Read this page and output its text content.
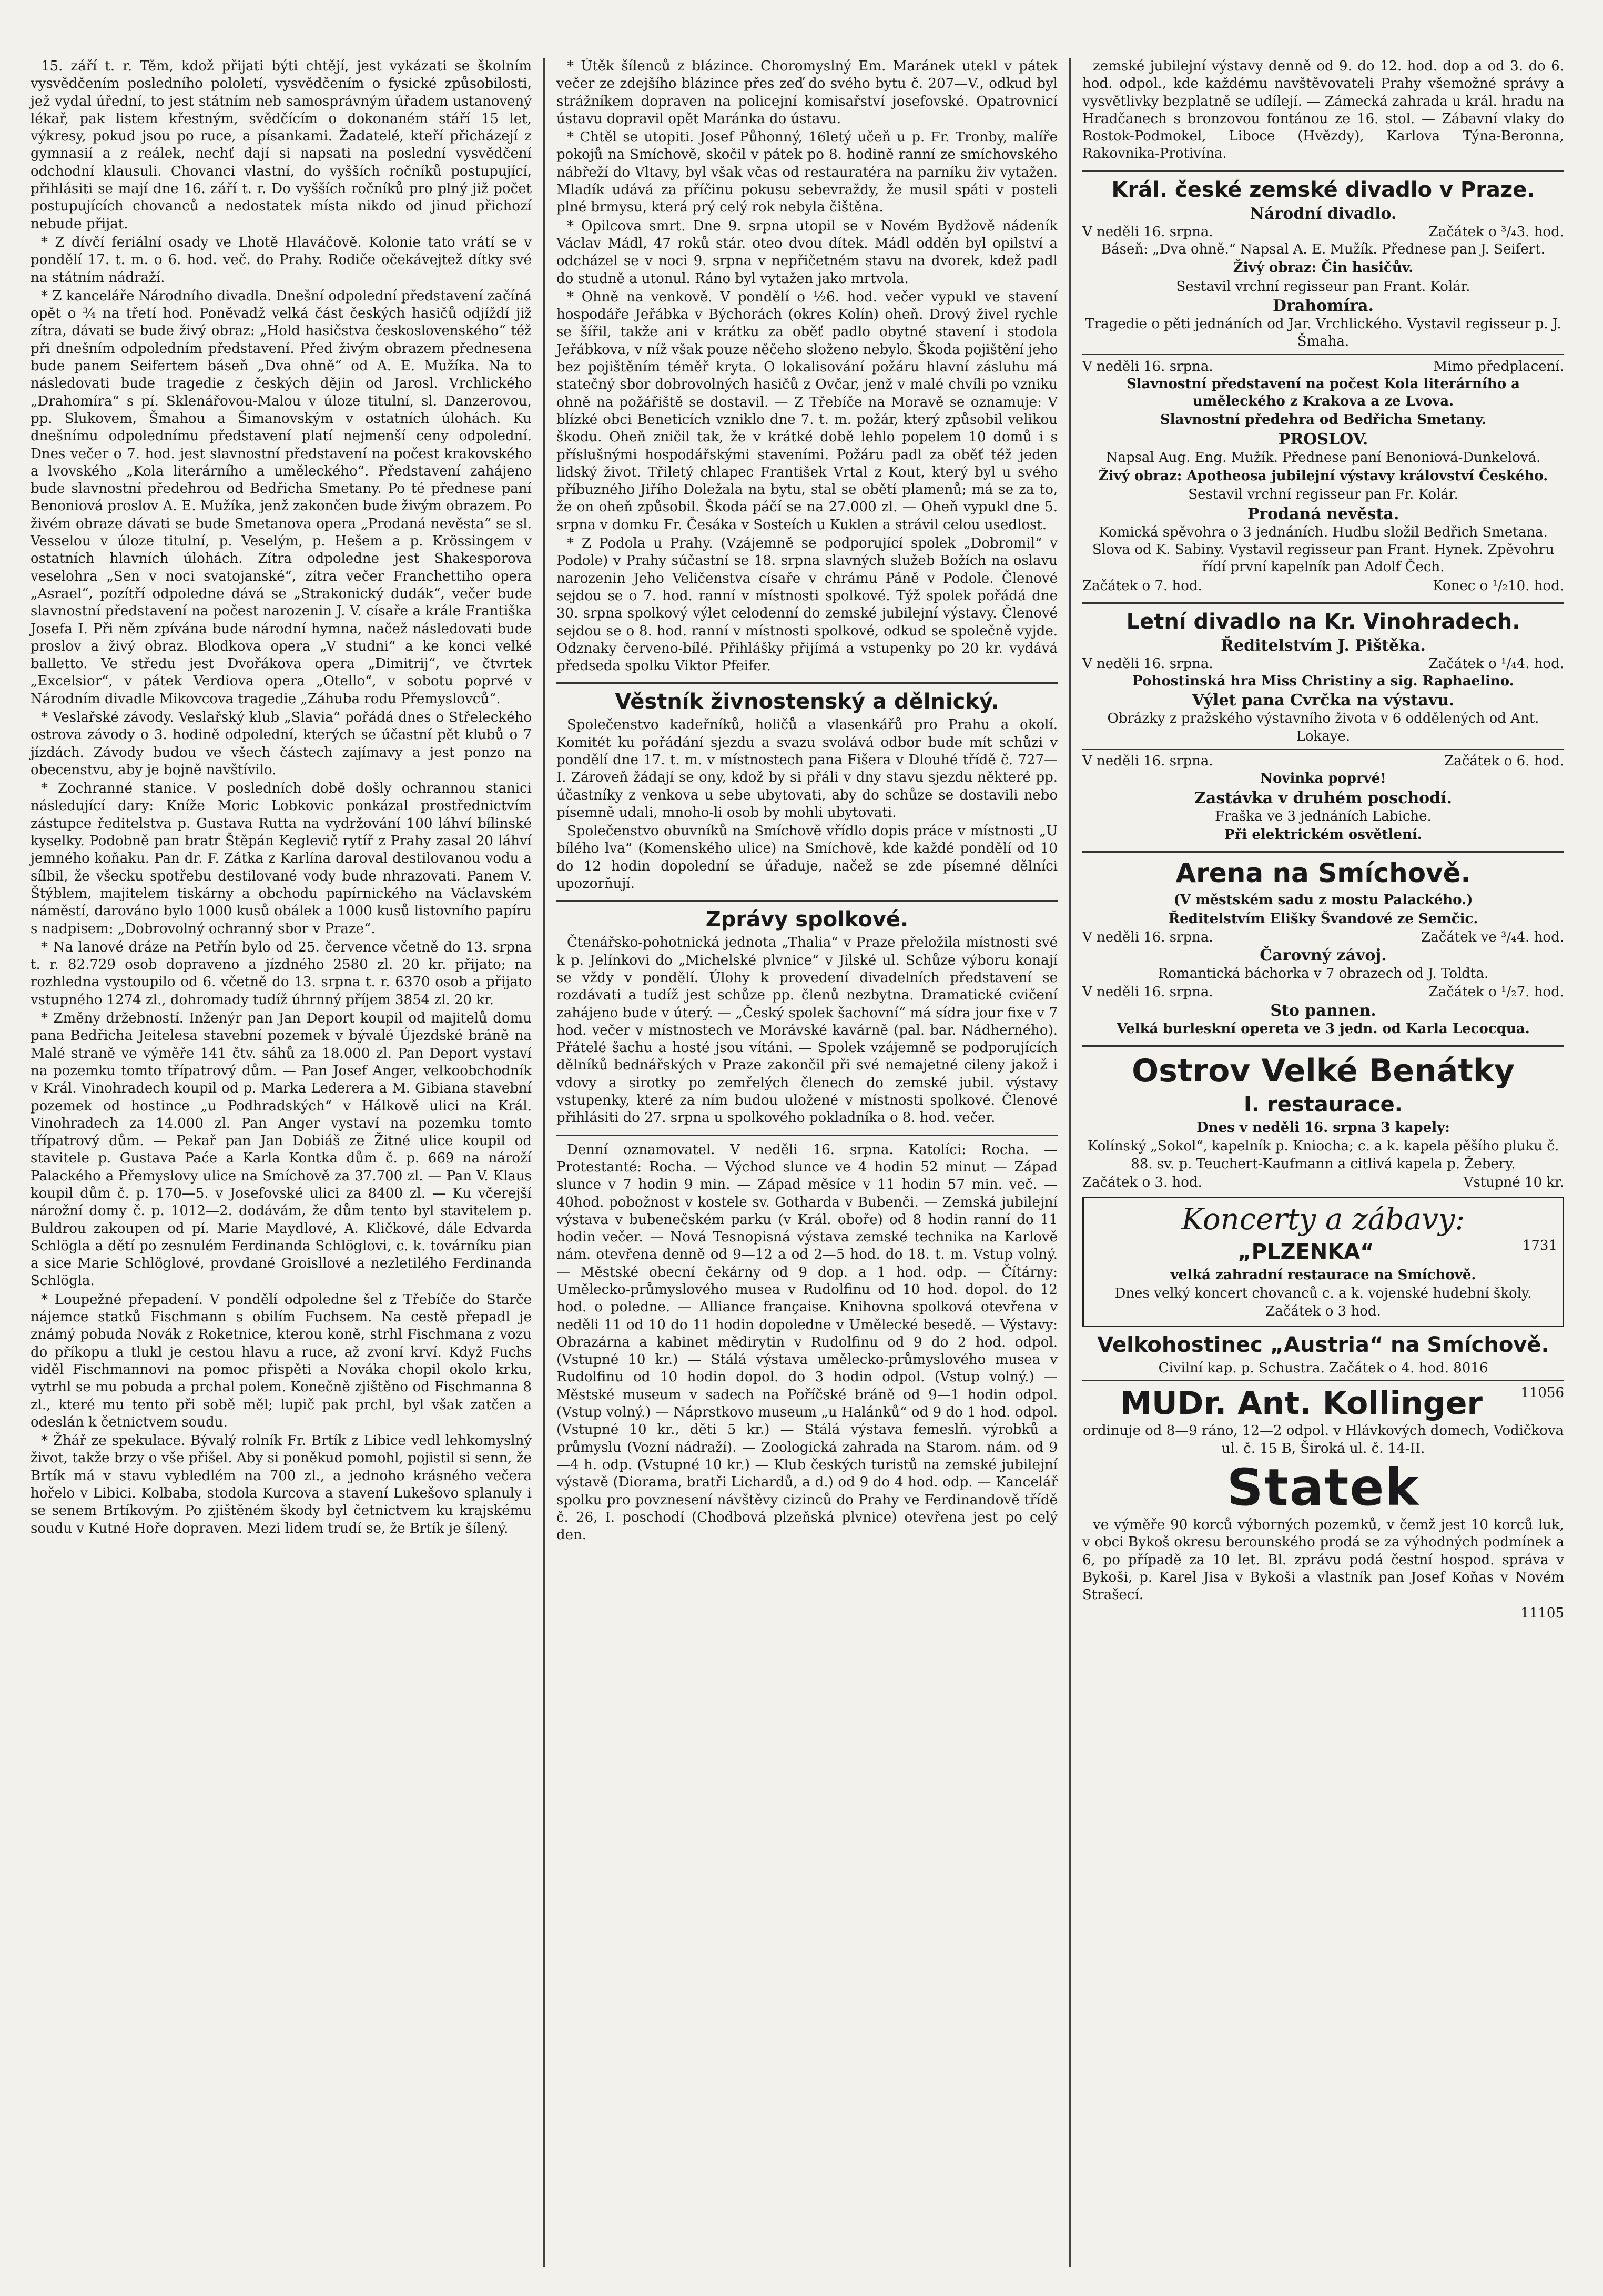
15. září t. r. Těm, kdož přijati býti chtějí, jest vykázati se školním vysvědčením posledního pololetí, vysvědčením o fysické způsobilosti, jež vydal úřední, to jest státním neb samosprávným úřadem ustanovený lékař, pak listem křestným, svědčícím o dokonaném stáří 15 let, výkresy, pokud jsou po ruce, a písankami. Žadatelé, kteří přicházejí z gymnasií a z reálek, nechť dají si napsati na poslední vysvědčení odchodní klausuli. Chovanci vlastní, do vyšších ročníků postupující, přihlásiti se mají dne 16. září t. r. Do vyšších ročníků pro plný již počet postupujících chovanců a nedostatek místa nikdo od jinud přichozí nebude přijat.

* Z dívčí feriální osady ve Lhotě Hlaváčově. Kolonie tato vrátí se v pondělí 17. t. m. o 6. hod. več. do Prahy. Rodiče očekávejtež dítky své na státním nádraží.

* Z kanceláře Národního divadla. Dnešní odpolední představení začíná opět o ¾ na třetí hod. Poněvadž velká část českých hasičů odjíždí již zítra, dávati se bude živý obraz: „Hold hasičstva československého“ též při dnešním odpoledním představení. Před živým obrazem přednesena bude panem Seifertem báseň „Dva ohně“ od A. E. Mužíka. Na to následovati bude tragedie z českých dějin od Jarosl. Vrchlického „Drahomíra“ s pí. Sklenářovou-Malou v úloze titulní, sl. Danzerovou, pp. Slukovem, Šmahou a Šimanovským v ostatních úlohách. Ku dnešnímu odpolednímu představení platí nejmenší ceny odpolední. Dnes večer o 7. hod. jest slavnostní představení na počest krakovského a lvovského „Kola literárního a uměleckého“. Představení zahájeno bude slavnostní předehrou od Bedřicha Smetany. Po té přednese paní Benoniová proslov A. E. Mužíka, jenž zakončen bude živým obrazem. Po živém obraze dávati se bude Smetanova opera „Prodaná nevěsta“ se sl. Vesselou v úloze titulní, p. Veselým, p. Hešem a p. Krössingem v ostatních hlavních úlohách. Zítra odpoledne jest Shakesporova veselohra „Sen v noci svatojanské“, zítra večer Franchettiho opera „Asrael“, pozítří odpoledne dává se „Strakonický dudák“, večer bude slavnostní představení na počest narozenin J. V. císaře a krále Františka Josefa I. Při něm zpívána bude národní hymna, načež následovati bude proslov a živý obraz. Blodkova opera „V studni“ a ke konci velké balletto. Ve středu jest Dvořákova opera „Dimitrij“, ve čtvrtek „Excelsior“, v pátek Verdiova opera „Otello“, v sobotu poprvé v Národním divadle Mikovcova tragedie „Záhuba rodu Přemyslovců“.

* Veslařské závody. Veslařský klub „Slavia“ pořádá dnes o Střeleckého ostrova závody o 3. hodině odpolední, kterých se účastní pět klubů o 7 jízdách. Závody budou ve všech částech zajímavy a jest ponzo na obecenstvu, aby je bojně navštívilo.

* Zochranné stanice. V posledních době došly ochrannou stanici následující dary: Kníže Moric Lobkovic ponkázal prostřednictvím zástupce ředitelstva p. Gustava Rutta na vydržování 100 láhví bílinské kyselky. Podobně pan bratr Štěpán Keglevič rytíř z Prahy zasal 20 láhví jemného koňaku. Pan dr. F. Zátka z Karlína daroval destilovanou vodu a sílbil, že všecku spotřebu destilované vody bude nhrazovati. Panem V. Štýblem, majitelem tiskárny a obchodu papírnického na Václavském náměstí, darováno bylo 1000 kusů obálek a 1000 kusů listovního papíru s nadpisem: „Dobrovolný ochranný sbor v Praze“.

* Na lanové dráze na Petřín bylo od 25. července včetně do 13. srpna t. r. 82.729 osob dopraveno a jízdného 2580 zl. 20 kr. přijato; na rozhledna vystoupilo od 6. včetně do 13. srpna t. r. 6370 osob a přijato vstupného 1274 zl., dohromady tudíž úhrnný příjem 3854 zl. 20 kr.

* Změny držebností. Inženýr pan Jan Deport koupil od majitelů domu pana Bedřicha Jeitelesa stavební pozemek v bývalé Újezdské bráně na Malé straně ve výměře 141 čtv. sáhů za 18.000 zl. Pan Deport vystaví na pozemku tomto třípatrový dům. — Pan Josef Anger, velkoobchodník v Král. Vinohradech koupil od p. Marka Lederera a M. Gibiana stavební pozemek od hostince „u Podhradských“ v Hálkově ulici na Král. Vinohradech za 14.000 zl. Pan Anger vystaví na pozemku tomto třípatrový dům. — Pekař pan Jan Dobiáš ze Žitné ulice koupil od stavitele p. Gustava Paće a Karla Kontka dům č. p. 669 na nároží Palackého a Přemyslovy ulice na Smíchově za 37.700 zl. — Pan V. Klaus koupil dům č. p. 170—5. v Josefovské ulici za 8400 zl. — Ku včerejší nárožní domy č. p. 1012—2. dodávám, že dům tento byl stavitelem p. Buldrou zakoupen od pí. Marie Maydlové, A. Kličkové, dále Edvarda Schlögla a dětí po zesnulém Ferdinanda Schlöglovi, c. k. továrníku pian a sice Marie Schlöglové, provdané Groisllové a nezletilého Ferdinanda Schlögla.

* Loupežné přepadení. V pondělí odpoledne šel z Třebíče do Starče nájemce statků Fischmann s obilím Fuchsem. Na cestě přepadl je známý pobuda Novák z Roketnice, kterou koně, strhl Fischmana z vozu do příkopu a tlukl je cestou hlavu a ruce, až zvoní krví. Když Fuchs viděl Fischmannovi na pomoc přispěti a Nováka chopil okolo krku, vytrhl se mu pobuda a prchal polem. Konečně zjištěno od Fischmanna 8 zl., které mu tento při sobě měl; lupič pak prchl, byl však zatčen a odeslán k četnictvem soudu.

* Žhář ze spekulace. Bývalý rolník Fr. Brtík z Libice vedl lehkomyslný život, takže brzy o vše přišel. Aby si poněkud pomohl, pojistil si senn, že Brtík má v stavu vybledlém na 700 zl., a jednoho krásného večera hořelo v Libici. Kolbaba, stodola Kurcova a stavení Lukešovo splanuly i se senem Brtíkovým. Po zjištěném škody byl četnictvem ku krajskému soudu v Kutné Hoře dopraven. Mezi lidem trudí se, že Brtík je šílený.

* Útěk šílenců z blázince. Choromyslný Em. Maránek utekl v pátek večer ze zdejšího blázince přes zeď do svého bytu č. 207—V., odkud byl strážníkem dopraven na policejní komisařství josefovské. Opatrovnicí ústavu dopravil opět Maránka do ústavu.

* Chtěl se utopiti. Josef Půhonný, 16letý učeň u p. Fr. Tronby, malíře pokojů na Smíchově, skočil v pátek po 8. hodině ranní ze smíchovského nábřeží do Vltavy, byl však včas od restauratéra na parníku živ vytažen. Mladík udává za příčinu pokusu sebevraždy, že musil spáti v posteli plné brmysu, která prý celý rok nebyla čištěna.

* Opilcova smrt. Dne 9. srpna utopil se v Novém Bydžově nádeník Václav Mádl, 47 roků stár. oteo dvou dítek. Mádl odděn byl opilství a odcházel se v noci 9. srpna v nepřičetném stavu na dvorek, kdež padl do studně a utonul. Ráno byl vytažen jako mrtvola.

* Ohně na venkově. V pondělí o ½6. hod. večer vypukl ve stavení hospodáře Jeřábka v Býchorách (okres Kolín) oheň. Drový živel rychle se šířil, takže ani v krátku za oběť padlo obytné stavení i stodola Jeřábkova, v níž však pouze něčeho složeno nebylo. Škoda pojištění jeho bez pojištěním téměř kryta. O lokalisování požáru hlavní zásluhu má statečný sbor dobrovolných hasičů z Ovčar, jenž v malé chvíli po vzniku ohně na požářiště se dostavil. — Z Třebíče na Moravě se oznamuje: V blízké obci Beneticích vzniklo dne 7. t. m. požár, který způsobil velikou škodu. Oheň zničil tak, že v krátké době lehlo popelem 10 domů i s příslušnými hospodářskými staveními. Požáru padl za oběť též jeden lidský život. Třiletý chlapec František Vrtal z Kout, který byl u svého příbuzného Jiřího Doležala na bytu, stal se obětí plamenů; má se za to, že on oheň způsobil. Škoda páčí se na 27.000 zl. — Oheň vypukl dne 5. srpna v domku Fr. Česáka v Sosteích u Kuklen a strávil celou usedlost.

* Z Podola u Prahy. (Vzájemně se podporující spolek „Dobromil“ v Podole) v Prahy súčastní se 18. srpna slavných služeb Božích na oslavu narozenin Jeho Veličenstva císaře v chrámu Páně v Podole. Členové sejdou se o 7. hod. ranní v místnosti spolkové. Týž spolek pořádá dne 30. srpna spolkový výlet celodenní do zemské jubilejní výstavy. Členové sejdou se o 8. hod. ranní v místnosti spolkové, odkud se společně vyjde. Odznaky červeno-bílé. Přihlášky přijímá a vstupenky po 20 kr. vydává předseda spolku Viktor Pfeifer.

Věstník živnostenský a dělnický.

Společenstvo kadeřníků, holičů a vlasenkářů pro Prahu a okolí. Komitét ku pořádání sjezdu a svazu svolává odbor bude mít schůzi v pondělí dne 17. t. m. v místnostech pana Fišera v Dlouhé třídě č. 727—I. Zároveň žádají se ony, kdož by si přáli v dny stavu sjezdu některé pp. účastníky z venkova u sebe ubytovati, aby do schůze se dostavili nebo písemně udali, mnoho-li osob by mohli ubytovati.

Společenstvo obuvníků na Smíchově vřídlo dopis práce v místnosti „U bílého lva“ (Komenského ulice) na Smíchově, kde každé pondělí od 10 do 12 hodin dopolední se úřaduje, načež se zde písemné dělníci upozorňují.

Zprávy spolkové.

Čtenářsko-pohotnická jednota „Thalia“ v Praze přeložila místnosti své k p. Jelínkovi do „Michelské plvnice“ v Jilské ul. Schůze výboru konají se vždy v pondělí. Úlohy k provedení divadelních představení se rozdávati a tudíž jest schůze pp. členů nezbytna. Dramatické cvičení zahájeno bude v úterý. — „Český spolek šachovní“ má sídra jour fixe v 7 hod. večer v místnostech ve Morávské kavárně (pal. bar. Nádherného). Přátelé šachu a hosté jsou vítáni. — Spolek vzájemně se podporujících dělníků bednářských v Praze zakončil při své nemajetné cileny jakož i vdovy a sirotky po zemřelých členech do zemské jubil. výstavy vstupenky, které za ním budou uložené v místnosti spolkové. Členové přihlásiti do 27. srpna u spolkového pokladníka o 8. hod. večer.

Denní oznamovatel. V neděli 16. srpna. Katolíci: Rocha. — Protestanté: Rocha. — Východ slunce ve 4 hodin 52 minut — Západ slunce v 7 hodin 9 min. — Západ měsíce v 11 hodin 57 min. več. — 40hod. pobožnost v kostele sv. Gotharda v Bubenči. — Zemská jubilejní výstava v bubenečském parku (v Král. oboře) od 8 hodin ranní do 11 hodin večer. — Nová Tesnopisná výstava zemské technika na Karlově nám. otevřena denně od 9—12 a od 2—5 hod. do 18. t. m. Vstup volný. — Městské obecní čekárny od 9 dop. a 1 hod. odp. — Čítárny: Umělecko-průmyslového musea v Rudolfinu od 10 hod. dopol. do 12 hod. o poledne. — Alliance française. Knihovna spolková otevřena v neděli 11 od 10 do 11 hodin dopoledne v Umělecké besedě. — Výstavy: Obrazárna a kabinet mědirytin v Rudolfinu od 9 do 2 hod. odpol. (Vstupné 10 kr.) — Stálá výstava umělecko-průmyslového musea v Rudolfinu od 10 hodin dopol. do 3 hodin odpol. (Vstup volný.) — Městské museum v sadech na Poříčské bráně od 9—1 hodin odpol. (Vstup volný.) — Náprstkovo museum „u Halánků“ od 9 do 1 hod. odpol. (Vstupné 10 kr., děti 5 kr.) — Stálá výstava femeslň. výrobků a průmyslu (Vozní nádraží). — Zoologická zahrada na Starom. nám. od 9—4 h. odp. (Vstupné 10 kr.) — Klub českých turistů na zemské jubilejní výstavě (Diorama, bratři Lichardů, a d.) od 9 do 4 hod. odp. — Kancelář spolku pro povznesení návštěvy cizinců do Prahy ve Ferdinandově třídě č. 26, I. poschodí (Chodbová plzeňská plvnice) otevřena jest po celý den.

zemské jubilejní výstavy denně od 9. do 12. hod. dop a od 3. do 6. hod. odpol., kde každému navštěvovateli Prahy všemožné správy a vysvětlivky bezplatně se udílejí. — Zámecká zahrada u král. hradu na Hradčanech s bronzovou fontánou ze 16. stol. — Zábavní vlaky do Rostok-Podmokel, Liboce (Hvězdy), Karlova Týna-Beronna, Rakovnika-Protivína.

Král. české zemské divadlo v Praze.
Národní divadlo.
V neděli 16. srpna.	Začátek o ³/₄3. hod.

Báseň: „Dva ohně.“ Napsal A. E. Mužík. Přednese pan J. Seifert.

Živý obraz: Čin hasičův.

Sestavil vrchní regisseur pan Frant. Kolár.

Drahomíra.

Tragedie o pěti jednáních od Jar. Vrchlického. Vystavil regisseur p. J. Šmaha.

V neděli 16. srpna.	Mimo předplacení.

Slavnostní představení na počest Kola literárního a uměleckého z Krakova a ze Lvova.

Slavnostní předehra od Bedřicha Smetany.

PROSLOV.

Napsal Aug. Eng. Mužík. Přednese paní Benoniová-Dunkelová.

Živý obraz: Apotheosa jubilejní výstavy království Českého.

Sestavil vrchní regisseur pan Fr. Kolár.

Prodaná nevěsta.

Komická spěvohra o 3 jednáních. Hudbu složil Bedřich Smetana. Slova od K. Sabiny. Vystavil regisseur pan Frant. Hynek. Zpěvohru řídí první kapelník pan Adolf Čech.

Začátek o 7. hod.	Konec o ¹/₂10. hod.
Letní divadlo na Kr. Vinohradech.
Ředitelstvím J. Pištěka.
V neděli 16. srpna.	Začátek o ¹/₄4. hod.

Pohostinská hra Miss Christiny a sig. Raphaelino.

Výlet pana Cvrčka na výstavu.

Obrázky z pražského výstavního života v 6 oddělených od Ant. Lokaye.

V neděli 16. srpna.	Začátek o 6. hod.

Novinka poprvé!

Zastávka v druhém poschodí.

Fraška ve 3 jednáních Labiche.

Při elektrickém osvětlení.

Arena na Smíchově.

(V městském sadu z mostu Palackého.)

Ředitelstvím Elišky Švandové ze Semčic.

V neděli 16. srpna.	Začátek ve ³/₄4. hod.
Čarovný závoj.

Romantická báchorka v 7 obrazech od J. Toldta.

V neděli 16. srpna.	Začátek o ¹/₂7. hod.
Sto pannen.

Velká burleskní opereta ve 3 jedn. od Karla Lecocqua.

Ostrov Velké Benátky
I. restaurace.

Dnes v neděli 16. srpna 3 kapely:

Kolínský „Sokol“, kapelník p. Kniocha; c. a k. kapela pěšího pluku č. 88. sv. p. Teuchert-Kaufmann a citlivá kapela p. Žebery.

Začátek o 3. hod.	Vstupné 10 kr.
Koncerty a zábavy:
„PLZENKA“	1731

velká zahradní restaurace na Smíchově.

Dnes velký koncert chovanců c. a k. vojenské hudební školy. Začátek o 3 hod.

Velkohostinec „Austria“ na Smíchově.

Civilní kap. p. Schustra. Začátek o 4. hod. 8016

MUDr. Ant. Kollinger	11056

ordinuje od 8—9 ráno, 12—2 odpol. v Hlávkových domech, Vodičkova ul. č. 15 B, Široká ul. č. 14-II.

Statek

ve výměře 90 korců výborných pozemků, v čemž jest 10 korců luk, v obci Bykoš okresu berounského prodá se za výhodných podmínek a 6, po případě za 10 let. Bl. zprávu podá čestní hospod. správa v Bykoši, p. Karel Jisa v Bykoši a vlastník pan Josef Koňas v Novém Strašecí.

11105
